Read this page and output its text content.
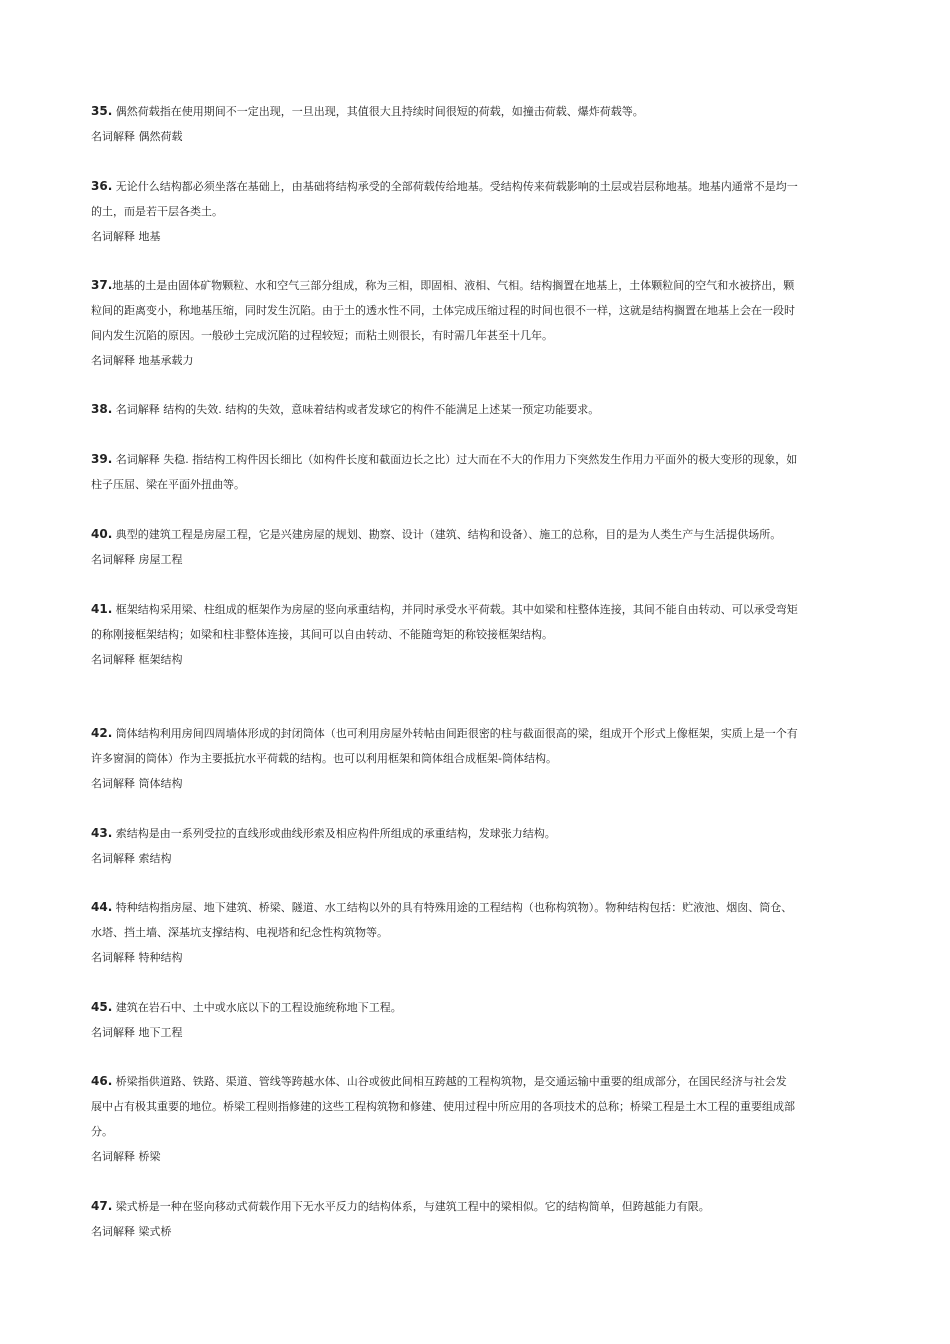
35. 偶然荷载指在使用期间不一定出现，一旦出现，其值很大且持续时间很短的荷载，如撞击荷载、爆炸荷载等。
名词解释 偶然荷载
36. 无论什么结构都必须坐落在基础上，由基础将结构承受的全部荷载传给地基。受结构传来荷载影响的土层或岩层称地基。地基内通常不是均一
的土，而是若干层各类土。
名词解释 地基
37.地基的土是由固体矿物颗粒、水和空气三部分组成，称为三相，即固相、液相、气相。结构搁置在地基上，土体颗粒间的空气和水被挤出，颗
粒间的距离变小，称地基压缩，同时发生沉陷。由于土的透水性不同，土体完成压缩过程的时间也很不一样，这就是结构搁置在地基上会在一段时
间内发生沉陷的原因。一般砂土完成沉陷的过程较短；而粘土则很长，有时需几年甚至十几年。
名词解释 地基承载力
38. 名词解释 结构的失效. 结构的失效，意味着结构或者发球它的构件不能满足上述某一预定功能要求。
39. 名词解释 失稳. 指结构工构件因长细比（如构件长度和截面边长之比）过大而在不大的作用力下突然发生作用力平面外的极大变形的现象，如
柱子压屈、梁在平面外扭曲等。
40. 典型的建筑工程是房屋工程，它是兴建房屋的规划、勘察、设计（建筑、结构和设备）、施工的总称，目的是为人类生产与生活提供场所。
名词解释 房屋工程
41. 框架结构采用梁、柱组成的框架作为房屋的竖向承重结构，并同时承受水平荷载。其中如梁和柱整体连接，其间不能自由转动、可以承受弯矩
的称刚接框架结构；如梁和柱非整体连接，其间可以自由转动、不能随弯矩的称铰接框架结构。
名词解释 框架结构
42. 筒体结构利用房间四周墙体形成的封闭筒体（也可利用房屋外转帖由间距很密的柱与截面很高的梁，组成开个形式上像框架，实质上是一个有
许多窗洞的筒体）作为主要抵抗水平荷载的结构。也可以利用框架和筒体组合成框架-筒体结构。
名词解释 筒体结构
43. 索结构是由一系列受拉的直线形或曲线形索及相应构件所组成的承重结构，发球张力结构。
名词解释 索结构
44. 特种结构指房屋、地下建筑、桥梁、隧道、水工结构以外的具有特殊用途的工程结构（也称构筑物）。物种结构包括：贮液池、烟囱、筒仓、
水塔、挡土墙、深基坑支撑结构、电视塔和纪念性构筑物等。
名词解释 特种结构
45. 建筑在岩石中、土中或水底以下的工程设施统称地下工程。
名词解释 地下工程
46. 桥梁指供道路、铁路、渠道、管线等跨越水体、山谷或彼此间相互跨越的工程构筑物，是交通运输中重要的组成部分，在国民经济与社会发
展中占有极其重要的地位。桥梁工程则指修建的这些工程构筑物和修建、使用过程中所应用的各项技术的总称；桥梁工程是土木工程的重要组成部
分。
名词解释 桥梁
47. 梁式桥是一种在竖向移动式荷载作用下无水平反力的结构体系，与建筑工程中的梁相似。它的结构简单，但跨越能力有限。
名词解释 梁式桥
